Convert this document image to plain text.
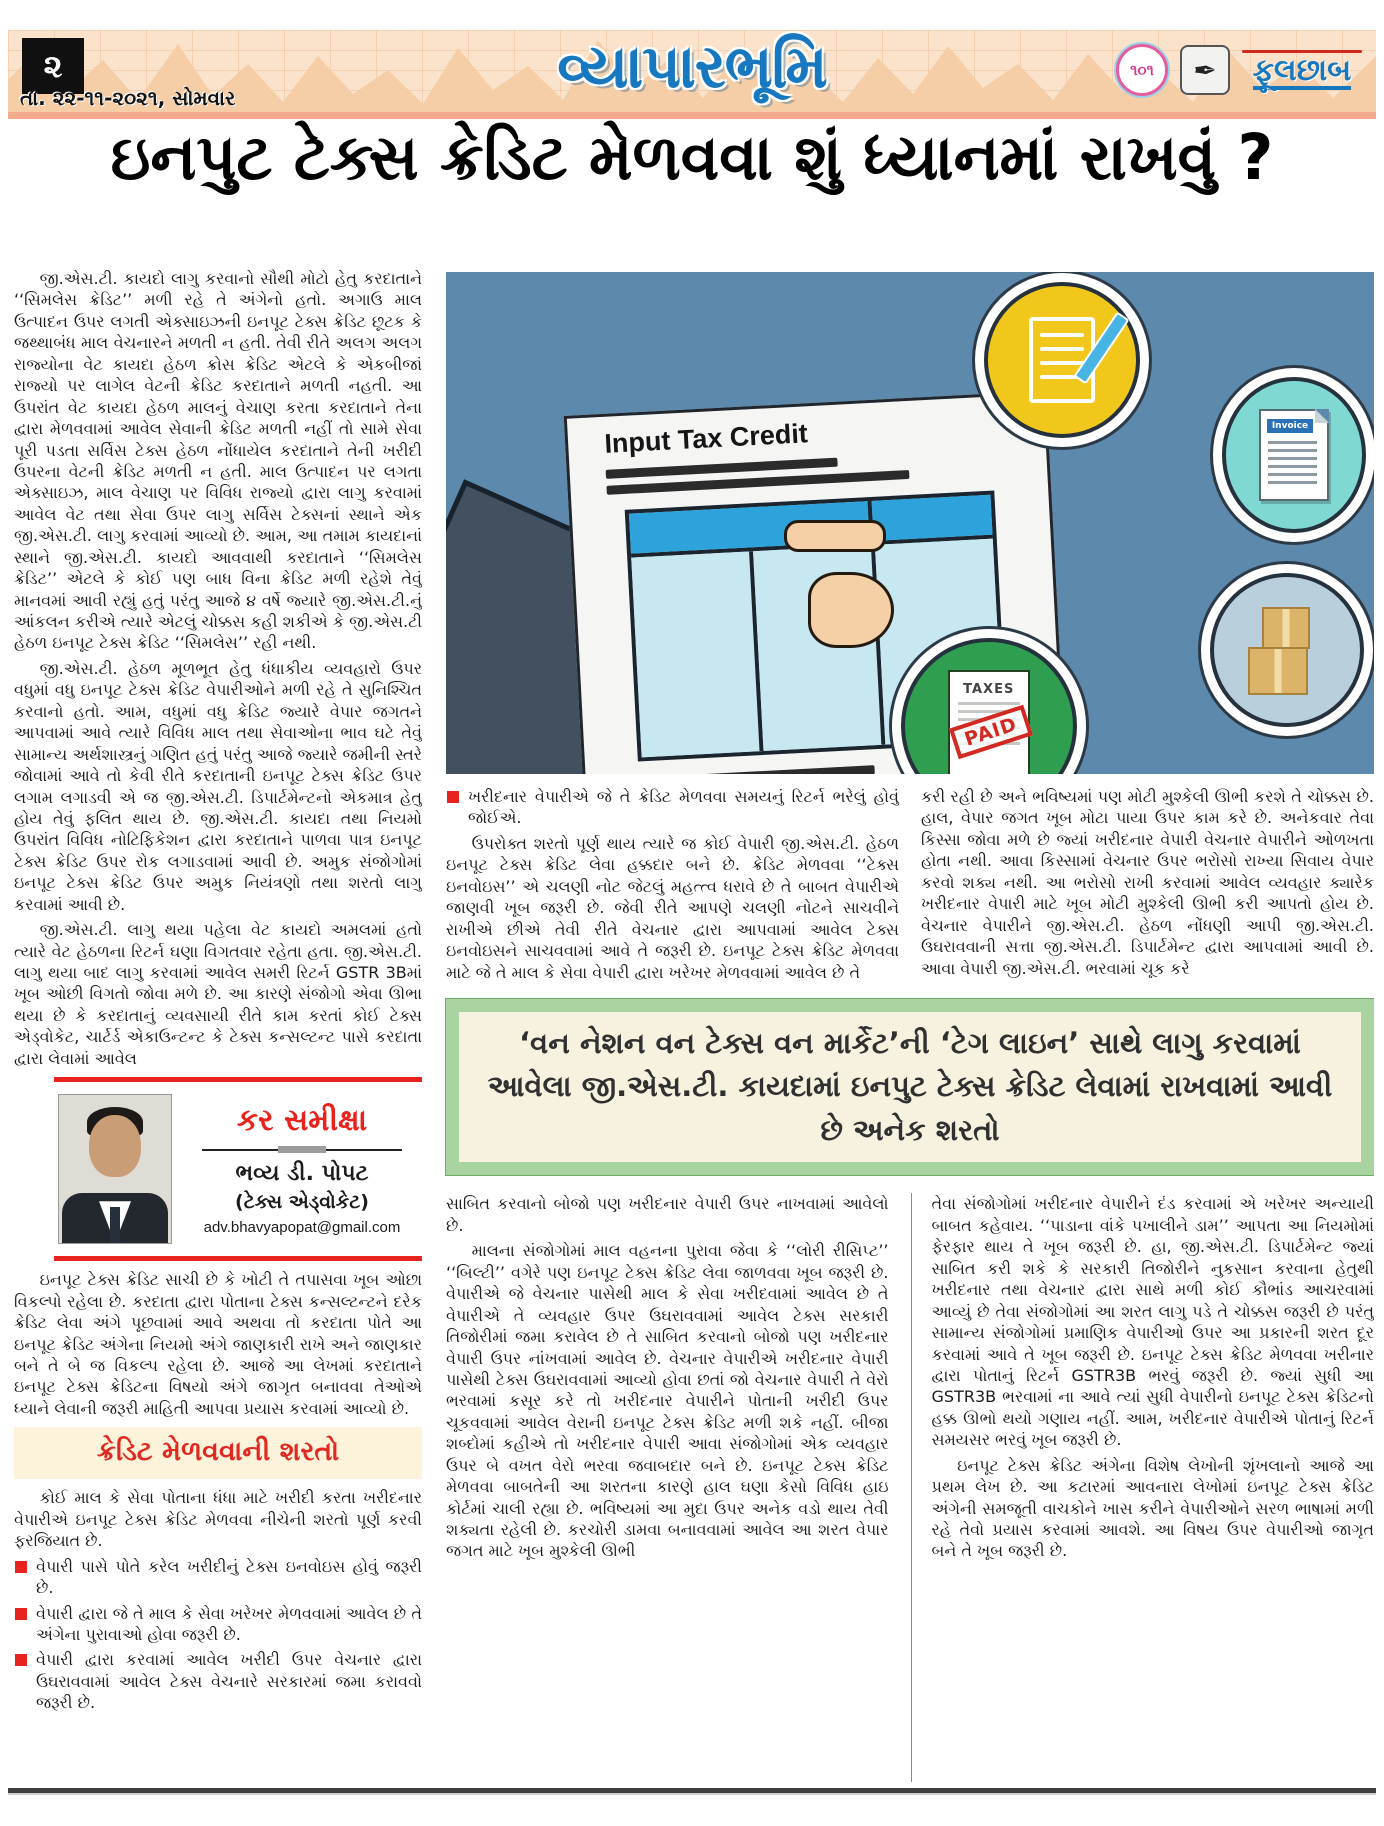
૨
તા. ૨૨-૧૧-૨૦૨૧, સોમવાર	વ્યાપારભૂમિ	૧૦૧	✒	ફૂલછાબ
ઇનપુટ ટેક્સ ક્રેડિટ મેળવવા શું ધ્યાનમાં રાખવું ?

જી.એસ.ટી. કાયદો લાગુ કરવાનો સૌથી મોટો હેતુ કરદાતાને ‘‘સિમલેસ ક્રેડિટ’’ મળી રહે તે અંગેનો હતો. અગાઉ માલ ઉત્પાદન ઉપર લગતી એક્સાઇઝની ઇનપૂટ ટેક્સ ક્રેડિટ છૂટક કે જથ્થાબંધ માલ વેચનારને મળતી ન હતી. તેવી રીતે અલગ અલગ રાજ્યોના વેટ કાયદા હેઠળ ક્રોસ ક્રેડિટ એટલે કે એકબીજાં રાજ્યો પર લાગેલ વેટની ક્રેડિટ કરદાતાને મળતી નહતી. આ ઉપરાંત વેટ કાયદા હેઠળ માલનું વેચાણ કરતા કરદાતાને તેના દ્વારા મેળવવામાં આવેલ સેવાની ક્રેડિટ મળતી નહીં તો સામે સેવા પૂરી પડતા સર્વિસ ટેક્સ હેઠળ નોંધાયેલ કરદાતાને તેની ખરીદી ઉપરના વેટની ક્રેડિટ મળતી ન હતી. માલ ઉત્પાદન પર લગતા એક્સાઇઝ, માલ વેચાણ પર વિવિધ રાજ્યો દ્વારા લાગુ કરવામાં આવેલ વેટ તથા સેવા ઉપર લાગુ સર્વિસ ટેક્સનાં સ્થાને એક જી.એસ.ટી. લાગુ કરવામાં આવ્યો છે. આમ, આ તમામ કાયદાનાં સ્થાને જી.એસ.ટી. કાયદો આવવાથી કરદાતાને ‘‘સિમલેસ ક્રેડિટ’’ એટલે કે કોઈ પણ બાધ વિના ક્રેડિટ મળી રહેશે તેવું માનવમાં આવી રહ્યું હતું પરંતુ આજે ૪ વર્ષે જ્યારે જી.એસ.ટી.નું આંકલન કરીએ ત્યારે એટલું ચોક્કસ કહી શકીએ કે જી.એસ.ટી હેઠળ ઇનપૂટ ટેક્સ ક્રેડિટ ‘‘સિમલેસ’’ રહી નથી.

જી.એસ.ટી. હેઠળ મૂળભૂત હેતુ ધંધાકીય વ્યવહારો ઉપર વધુમાં વધુ ઇનપૂટ ટેક્સ ક્રેડિટ વેપારીઓને મળી રહે તે સુનિશ્ચિત કરવાનો હતો. આમ, વધુમાં વધુ ક્રેડિટ જ્યારે વેપાર જગતને આપવામાં આવે ત્યારે વિવિધ માલ તથા સેવાઓના ભાવ ઘટે તેવું સામાન્ય અર્થશાસ્ત્રનું ગણિત હતું પરંતુ આજે જ્યારે જમીની સ્તરે જોવામાં આવે તો કેવી રીતે કરદાતાની ઇનપૂટ ટેક્સ ક્રેડિટ ઉપર લગામ લગાડવી એ જ જી.એસ.ટી. ડિપાર્ટમેન્ટનો એકમાત્ર હેતુ હોય તેવું ફલિત થાય છે. જી.એસ.ટી. કાયદા તથા નિયમો ઉપરાંત વિવિધ નોટિફિકેશન દ્વારા કરદાતાને પાળવા પાત્ર ઇનપૂટ ટેક્સ ક્રેડિટ ઉપર રોક લગાડવામાં આવી છે. અમુક સંજોગોમાં ઇનપૂટ ટેક્સ ક્રેડિટ ઉપર અમુક નિયંત્રણો તથા શરતો લાગુ કરવામાં આવી છે.

જી.એસ.ટી. લાગુ થયા પહેલા વેટ કાયદો અમલમાં હતો ત્યારે વેટ હેઠળના રિટર્ન ઘણા વિગતવાર રહેતા હતા. જી.એસ.ટી. લાગુ થયા બાદ લાગુ કરવામાં આવેલ સમરી રિટર્ન GSTR 3Bમાં ખૂબ ઓછી વિગતો જોવા મળે છે. આ કારણે સંજોગો એવા ઊભા થયા છે કે કરદાતાનું વ્યવસાયી રીતે કામ કરતાં કોઈ ટેક્સ એડ્વોકેટ, ચાર્ટર્ડ એકાઉન્ટન્ટ કે ટેક્સ કન્સલ્ટન્ટ પાસે કરદાતા દ્વારા લેવામાં આવેલ

કર સમીક્ષા
ભવ્ય ડી. પોપટ
(ટેક્સ એડ્વોકેટ)
adv.bhavyapopat@gmail.com

ઇનપૂટ ટેક્સ ક્રેડિટ સાચી છે કે ખોટી તે તપાસવા ખૂબ ઓછા વિકલ્પો રહેલા છે. કરદાતા દ્વારા પોતાના ટેક્સ કન્સલ્ટન્ટને દરેક ક્રેડિટ લેવા અંગે પૂછવામાં આવે અથવા તો કરદાતા પોતે આ ઇનપૂટ ક્રેડિટ અંગેના નિયમો અંગે જાણકારી રાખે અને જાણકાર બને તે બે જ વિકલ્પ રહેલા છે. આજે આ લેખમાં કરદાતાને ઇનપૂટ ટેક્સ ક્રેડિટના વિષયો અંગે જાગૃત બનાવવા તેઓએ ધ્યાને લેવાની જરૂરી માહિતી આપવા પ્રયાસ કરવામાં આવ્યો છે.

ક્રેડિટ મેળવવાની શરતો

કોઈ માલ કે સેવા પોતાના ધંધા માટે ખરીદી કરતા ખરીદનાર વેપારીએ ઇનપૂટ ટેક્સ ક્રેડિટ મેળવવા નીચેની શરતો પૂર્ણ કરવી ફરજિયાત છે.

વેપારી પાસે પોતે કરેલ ખરીદીનું ટેક્સ ઇનવોઇસ હોવું જરૂરી છે.
વેપારી દ્વારા જે તે માલ કે સેવા ખરેખર મેળવવામાં આવેલ છે તે અંગેના પુરાવાઓ હોવા જરૂરી છે.
વેપારી દ્વારા કરવામાં આવેલ ખરીદી ઉપર વેચનાર દ્વારા ઉઘરાવવામાં આવેલ ટેક્સ વેચનારે સરકારમાં જમા કરાવવો જરૂરી છે.
Input Tax Credit	Invoice
TAXES
PAID
ખરીદનાર વેપારીએ જે તે ક્રેડિટ મેળવવા સમયનું રિટર્ન ભરેલું હોવું જોઈએ.

ઉપરોક્ત શરતો પૂર્ણ થાય ત્યારે જ કોઈ વેપારી જી.એસ.ટી. હેઠળ ઇનપૂટ ટેક્સ ક્રેડિટ લેવા હક્કદાર બને છે. ક્રેડિટ મેળવવા ‘‘ટેક્સ ઇનવોઇસ’’ એ ચલણી નોટ જેટલું મહત્ત્વ ધરાવે છે તે બાબત વેપારીએ જાણવી ખૂબ જરૂરી છે. જેવી રીતે આપણે ચલણી નોટને સાચવીને રાખીએ છીએ તેવી રીતે વેચનાર દ્વારા આપવામાં આવેલ ટેક્સ ઇનવોઇસને સાચવવામાં આવે તે જરૂરી છે. ઇનપૂટ ટેક્સ ક્રેડિટ મેળવવા માટે જે તે માલ કે સેવા વેપારી દ્વારા ખરેખર મેળવવામાં આવેલ છે તે

કરી રહી છે અને ભવિષ્યમાં પણ મોટી મુશ્કેલી ઊભી કરશે તે ચોક્કસ છે. હાલ, વેપાર જગત ખૂબ મોટા પાયા ઉપર કામ કરે છે. અનેકવાર તેવા કિસ્સા જોવા મળે છે જ્યાં ખરીદનાર વેપારી વેચનાર વેપારીને ઓળખતા હોતા નથી. આવા કિસ્સામાં વેચનાર ઉપર ભરોસો રાખ્યા સિવાય વેપાર કરવો શક્ય નથી. આ ભરોસો રાખી કરવામાં આવેલ વ્યવહાર ક્યારેક ખરીદનાર વેપારી માટે ખૂબ મોટી મુશ્કેલી ઊભી કરી આપતો હોય છે. વેચનાર વેપારીને જી.એસ.ટી. હેઠળ નોંધણી આપી જી.એસ.ટી. ઉઘરાવવાની સત્તા જી.એસ.ટી. ડિપાર્ટમેન્ટ દ્વારા આપવામાં આવી છે. આવા વેપારી જી.એસ.ટી. ભરવામાં ચૂક કરે

‘વન નેશન વન ટેક્સ વન માર્કેટ’ની ‘ટેગ લાઇન’ સાથે લાગુ કરવામાં આવેલા જી.એસ.ટી. કાયદામાં ઇનપુટ ટેક્સ ક્રેડિટ લેવામાં રાખવામાં આવી છે અનેક શરતો

સાબિત કરવાનો બોજો પણ ખરીદનાર વેપારી ઉપર નાખવામાં આવેલો છે.

માલના સંજોગોમાં માલ વહનના પુરાવા જેવા કે ‘‘લોરી રીસિપ્ટ’’ ‘‘બિલ્ટી’’ વગેરે પણ ઇનપૂટ ટેક્સ ક્રેડિટ લેવા જાળવવા ખૂબ જરૂરી છે. વેપારીએ જે વેચનાર પાસેથી માલ કે સેવા ખરીદવામાં આવેલ છે તે વેપારીએ તે વ્યવહાર ઉપર ઉઘરાવવામાં આવેલ ટેક્સ સરકારી તિજોરીમાં જમા કરાવેલ છે તે સાબિત કરવાનો બોજો પણ ખરીદનાર વેપારી ઉપર નાંખવામાં આવેલ છે. વેચનાર વેપારીએ ખરીદનાર વેપારી પાસેથી ટેક્સ ઉઘરાવવામાં આવ્યો હોવા છતાં જો વેચનાર વેપારી તે વેરો ભરવામાં કસૂર કરે તો ખરીદનાર વેપારીને પોતાની ખરીદી ઉપર ચૂકવવામાં આવેલ વેરાની ઇનપૂટ ટેક્સ ક્રેડિટ મળી શકે નહીં. બીજા શબ્દોમાં કહીએ તો ખરીદનાર વેપારી આવા સંજોગોમાં એક વ્યવહાર ઉપર બે વખત વેરો ભરવા જવાબદાર બને છે. ઇનપૂટ ટેક્સ ક્રેડિટ મેળવવા બાબતેની આ શરતના કારણે હાલ ઘણા કેસો વિવિધ હાઇ કોર્ટમાં ચાલી રહ્યા છે. ભવિષ્યમાં આ મુદા ઉપર અનેક વડો થાય તેવી શક્યતા રહેલી છે. કરચોરી ડામવા બનાવવામાં આવેલ આ શરત વેપાર જગત માટે ખૂબ મુશ્કેલી ઊભી

તેવા સંજોગોમાં ખરીદનાર વેપારીને દંડ કરવામાં એ ખરેખર અન્યાયી બાબત કહેવાય. ‘‘પાડાના વાંકે પખાલીને ડામ’’ આપતા આ નિયમોમાં ફેરફાર થાય તે ખૂબ જરૂરી છે. હા, જી.એસ.ટી. ડિપાર્ટમેન્ટ જ્યાં સાબિત કરી શકે કે સરકારી તિજોરીને નુકસાન કરવાના હેતુથી ખરીદનાર તથા વેચનાર દ્વારા સાથે મળી કોઈ કૌભાંડ આચરવામાં આવ્યું છે તેવા સંજોગોમાં આ શરત લાગુ પડે તે ચોક્કસ જરૂરી છે પરંતુ સામાન્ય સંજોગોમાં પ્રમાણિક વેપારીઓ ઉપર આ પ્રકારની શરત દૂર કરવામાં આવે તે ખૂબ જરૂરી છે. ઇનપૂટ ટેક્સ ક્રેડિટ મેળવવા ખરીનાર દ્વારા પોતાનું રિટર્ન GSTR3B ભરવું જરૂરી છે. જ્યાં સુધી આ GSTR3B ભરવામાં ના આવે ત્યાં સુધી વેપારીનો ઇનપૂટ ટેક્સ ક્રેડિટનો હક્ક ઊભો થયો ગણાય નહીં. આમ, ખરીદનાર વેપારીએ પોતાનું રિટર્ન સમયસર ભરવું ખૂબ જરૂરી છે.

ઇનપૂટ ટેક્સ ક્રેડિટ અંગેના વિશેષ લેખોની શૃંખલાનો આજે આ પ્રથમ લેખ છે. આ કટારમાં આવનારા લેખોમાં ઇનપૂટ ટેક્સ ક્રેડિટ અંગેની સમજૂતી વાચકોને ખાસ કરીને વેપારીઓને સરળ ભાષામાં મળી રહે તેવો પ્રયાસ કરવામાં આવશે. આ વિષય ઉપર વેપારીઓ જાગૃત બને તે ખૂબ જરૂરી છે.
